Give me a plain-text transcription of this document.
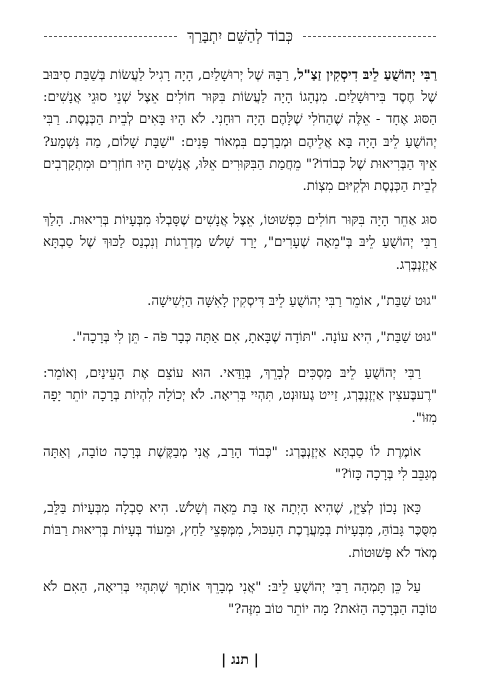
כְּבוֹד לְהַשֵּׁם יִתְבָּרַךְ

רַבִּי יְהוֹשֻׁעַ לֵיבּ דִיסְקִין זַצַ"ל, רַבָּהּ שֶׁל יְרוּשָׁלַיִם, הָיָה רָגִיל לַעֲשׂוֹת בְּשַׁבַּת סִיבּוּב שֶׁל חֶסֶד בִּירוּשָׁלַיִם. מִנְהָגוֹ הָיָה לַעֲשׂוֹת בִּקּוּר חוֹלִים אֵצֶל שְׁנֵי סוּגֵי אֲנָשִׁים: הַסּוּג אֶחָד - אֵלֶּה שֶׁהַחֹלִי שֶׁלָּהֶם הָיָה רוּחָנִי. לֹא הָיוּ בָּאִים לְבֵית הַכְּנֶסֶת. רַבִּי יְהוֹשֻׁעַ לֵיבּ הָיָה בָּא אֲלֵיהֶם וּמְבָרְכָם בִּמְאוֹר פָּנִים: "שַׁבָּת שָׁלוֹם, מַה נִּשְׁמָע? אֵיךְ הַבְּרִיאוּת שֶׁל כְּבוֹדוֹ?" מֵחֲמַת הַבִּקּוּרִים אֵלּוּ, אֲנָשִׁים הָיוּ חוֹזְרִים וּמִתְקָרְבִים לְבֵית הַכְּנֶסֶת וּלְקִיּוּם מִצְוֹת.

סוּג אַחֵר הָיָה בִּקּוּר חוֹלִים כִּפְשׁוּטוֹ, אֵצֶל אֲנָשִׁים שֶׁסָּבְלוּ מִבְּעָיוֹת בְּרִיאוּת. הָלַךְ רַבִּי יְהוֹשֻׁעַ לֵיבּ בְּ"מֵאָה שְׁעָרִים", יָרַד שָׁלֹשׁ מַדְרֵגוֹת וְנִכְנַס לַכּוּךְ שֶׁל סַבְתָּא אַיְזֶנְבֶּרְג.

"גוּט שַׁבַּת", אוֹמֵר רַבִּי יְהוֹשֻׁעַ לֵיבּ דִּיסְקִין לָאִשָּׁה הַיְשִׁישָׁה.

"גוּט שַׁבַּת", הִיא עוֹנָה. "תּוֹדָה שֶׁבָּאתָ, אִם אַתָּה כְּבָר פֹּה - תֵּן לִי בְּרָכָה".

רַבִּי יְהוֹשֻׁעַ לֵיבּ מַסְכִּים לְבָרֵךְ, בְּוַדַּאי. הוּא עוֹצֵם אֶת הָעֵינַיִם, וְאוֹמֵר: "רֶעבֶּעצִין אַיְזֶנְבֶּרְג, זַייט גֶעזוּנְט, תִּהְיִי בְּרִיאָה. לֹא יְכוֹלָה לִהְיוֹת בְּרָכָה יוֹתֵר יָפָה מִזּוֹ".

אוֹמֶרֶת לוֹ סַבְתָּא אַיְזֶנְבֶּרְג: "כְּבוֹד הָרַב, אֲנִי מְבַקֶּשֶׁת בְּרָכָה טוֹבָה, וְאַתָּה מְגַבֵּב לִי בְּרָכָה כָּזוֹ?"

כָּאן נָכוֹן לְצַיֵּן, שֶׁהִיא הָיְתָה אָז בַּת מֵאָה וְשָׁלֹשׁ. הִיא סָבְלָה מִבְּעָיוֹת בַּלֵּב, מִסֻּכֶּר גָּבוֹהַּ, מִבְּעָיוֹת בְּמַעֲרֶכֶת הָעִכּוּל, מִמְּפְּצֵי לַחַץ, וּמֵעוֹד בְּעָיוֹת בְּרִיאוּת רַבּוֹת מְאֹד לֹא פְּשׁוּטוֹת.

עַל כֵּן תָּמְהָה רַבִּי יְהוֹשֻׁעַ לֵיבּ: "אֲנִי מְבָרֵךְ אוֹתָךְ שֶׁתִּהְיִי בְּרִיאָה, הַאִם לֹא טוֹבָה הַבְּרָכָה הַזֹּאת? מָה יוֹתֵר טוֹב מִזֶּה?"

| תנג |
